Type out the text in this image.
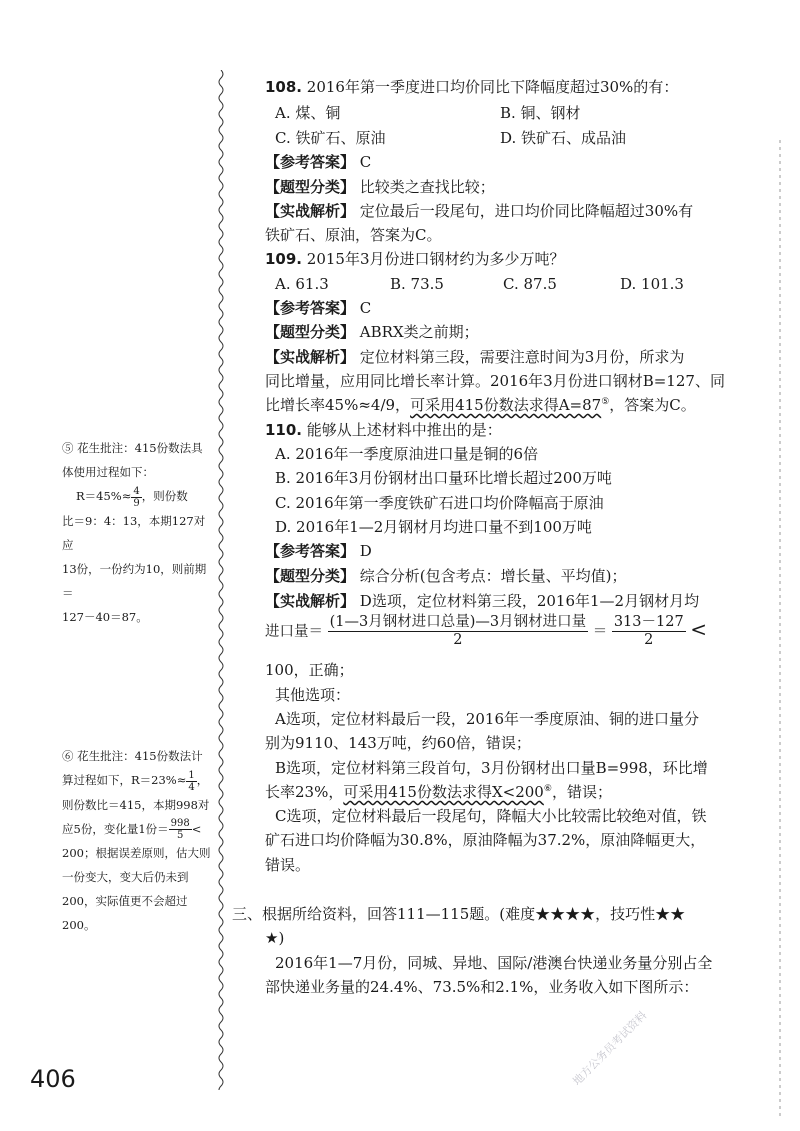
108. 2016年第一季度进口均价同比下降幅度超过30%的有：
A. 煤、铜	B. 铜、钢材
C. 铁矿石、原油	D. 铁矿石、成品油
【参考答案】 C
【题型分类】 比较类之查找比较；
【实战解析】 定位最后一段尾句，进口均价同比降幅超过30%有
铁矿石、原油，答案为C。
109. 2015年3月份进口钢材约为多少万吨？
A. 61.3	B. 73.5	C. 87.5	D. 101.3
【参考答案】 C
【题型分类】 ABRX类之前期；
【实战解析】 定位材料第三段，需要注意时间为3月份，所求为
同比增量，应用同比增长率计算。2016年3月份进口钢材B=127、同
比增长率45%≈4/9，可采用415份数法求得A=87⑤，答案为C。
110. 能够从上述材料中推出的是：
A. 2016年一季度原油进口量是铜的6倍
B. 2016年3月份钢材出口量环比增长超过200万吨
C. 2016年第一季度铁矿石进口均价降幅高于原油
D. 2016年1—2月钢材月均进口量不到100万吨
【参考答案】 D
【题型分类】 综合分析(包含考点：增长量、平均值)；
【实战解析】 D选项，定位材料第三段，2016年1—2月钢材月均
进口量＝ $\frac{\text{(1—3月钢材进口总量)—3月钢材进口量}}{2} = \frac{313-127}{2}$ <
100，正确；
其他选项：
A选项，定位材料最后一段，2016年一季度原油、铜的进口量分
别为9110、143万吨，约60倍，错误；
B选项，定位材料第三段首句，3月份钢材出口量B=998，环比增
长率23%，可采用415份数法求得X<200⑥，错误；
C选项，定位材料最后一段尾句，降幅大小比较需比较绝对值，铁
矿石进口均价降幅为30.8%，原油降幅为37.2%，原油降幅更大，
错误。
三、根据所给资料，回答111—115题。(难度★★★★，技巧性★★
★)
2016年1—7月份，同城、异地、国际/港澳台快递业务量分别占全
部快递业务量的24.4%、73.5%和2.1%，业务收入如下图所示：
⑤ 花生批注：415份数法具
体使用过程如下：
$R=45\%\approx \frac{4}{9}$ ，则份数
比＝9：4：13，本期127对应
13份，一份约为10，则前期＝
127－40＝87。
⑥ 花生批注：415份数法计
算过程如下，$R=23\%\approx \frac{1}{4}$ ，
则份数比＝415，本期998对
应5份，变化量1份＝ $\frac{998}{5}$ <
200；根据误差原则，估大则
一份变大，变大后仍未到
200，实际值更不会超过200。
地方公务员考试资料
406
